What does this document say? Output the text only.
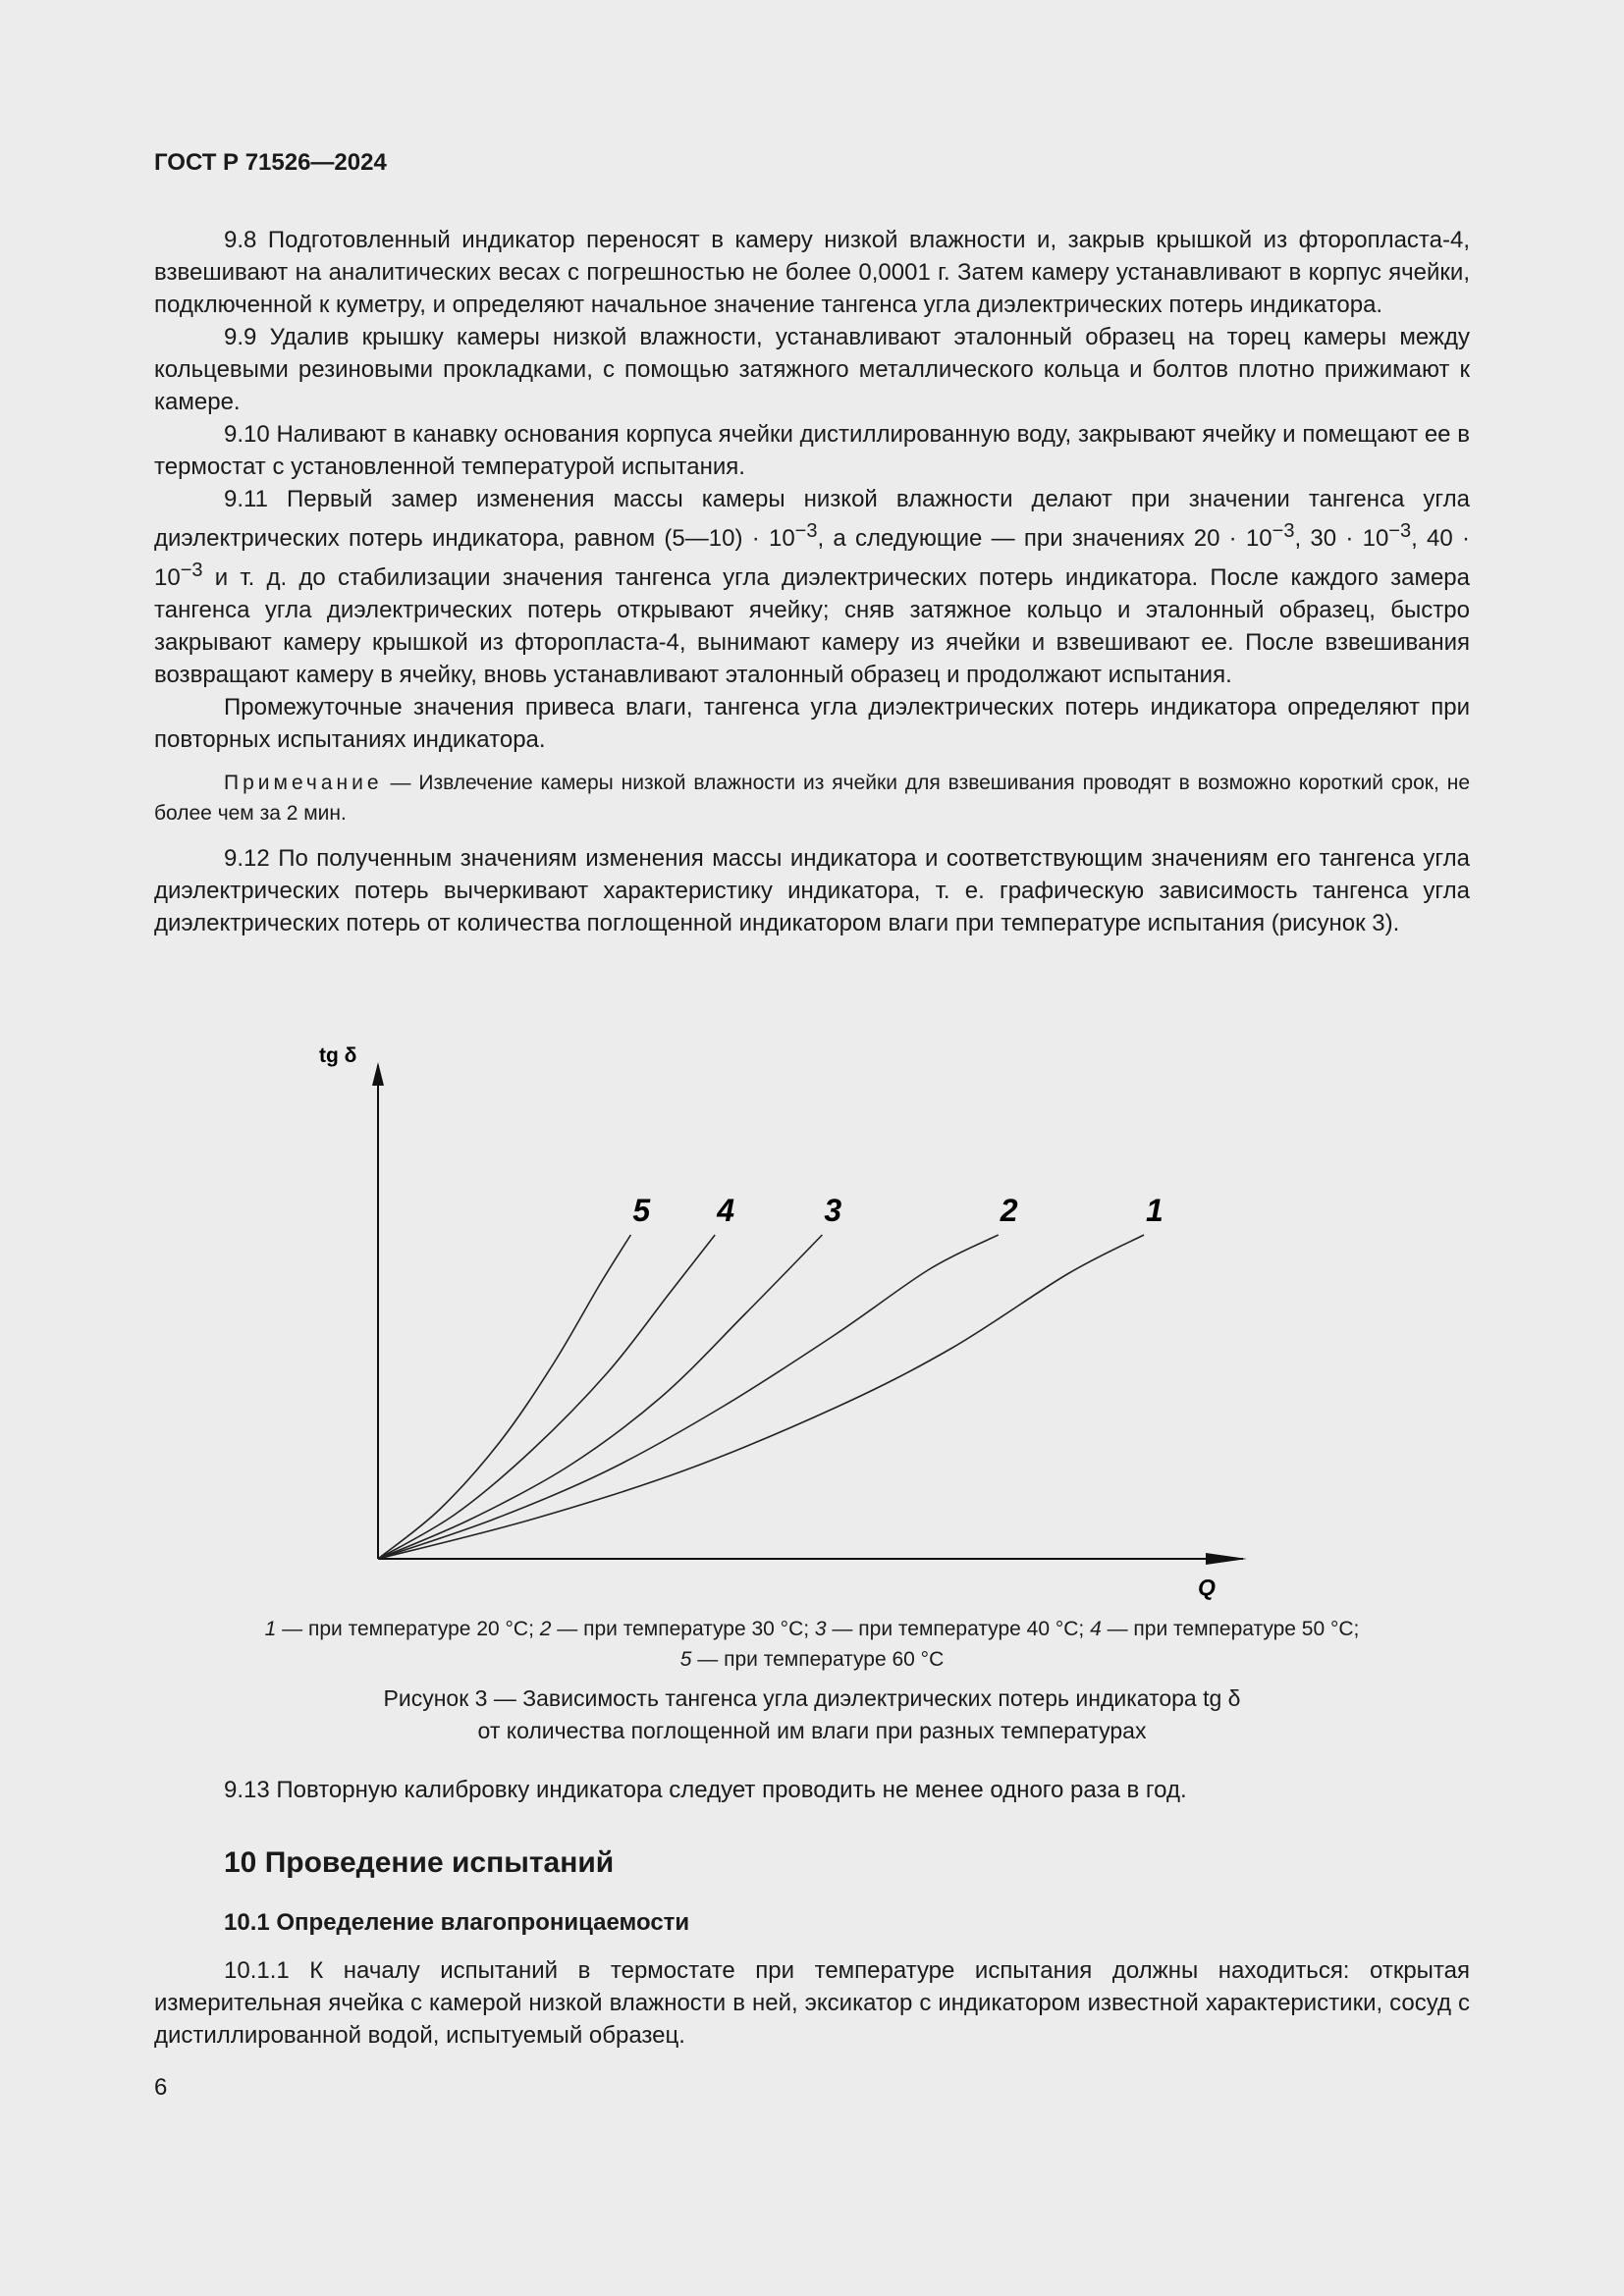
ГОСТ Р 71526—2024

9.8 Подготовленный индикатор переносят в камеру низкой влажности и, закрыв крышкой из фторопласта-4, взвешивают на аналитических весах с погрешностью не более 0,0001 г. Затем камеру устанавливают в корпус ячейки, подключенной к куметру, и определяют начальное значение тангенса угла диэлектрических потерь индикатора.

9.9 Удалив крышку камеры низкой влажности, устанавливают эталонный образец на торец камеры между кольцевыми резиновыми прокладками, с помощью затяжного металлического кольца и болтов плотно прижимают к камере.

9.10 Наливают в канавку основания корпуса ячейки дистиллированную воду, закрывают ячейку и помещают ее в термостат с установленной температурой испытания.

9.11 Первый замер изменения массы камеры низкой влажности делают при значении тангенса угла диэлектрических потерь индикатора, равном (5—10) · $10^{-3}$, а следующие — при значениях $20 \cdot 10^{-3}$, $30 \cdot 10^{-3}$, $40 \cdot 10^{-3}$ и т. д. до стабилизации значения тангенса угла диэлектрических потерь индикатора. После каждого замера тангенса угла диэлектрических потерь открывают ячейку; сняв затяжное кольцо и эталонный образец, быстро закрывают камеру крышкой из фторопласта-4, вынимают камеру из ячейки и взвешивают ее. После взвешивания возвращают камеру в ячейку, вновь устанавливают эталонный образец и продолжают испытания.

Промежуточные значения привеса влаги, тангенса угла диэлектрических потерь индикатора определяют при повторных испытаниях индикатора.

Примечание — Извлечение камеры низкой влажности из ячейки для взвешивания проводят в возможно короткий срок, не более чем за 2 мин.

9.12 По полученным значениям изменения массы индикатора и соответствующим значениям его тангенса угла диэлектрических потерь вычеркивают характеристику индикатора, т. е. графическую зависимость тангенса угла диэлектрических потерь от количества поглощенной индикатором влаги при температуре испытания (рисунок 3).

tg δ
Q
1
2
3
4
5
1 — при температуре 20 °C; 2 — при температуре 30 °C; 3 — при температуре 40 °C; 4 — при температуре 50 °C;
5 — при температуре 60 °C
Рисунок 3 — Зависимость тангенса угла диэлектрических потерь индикатора tg δ
от количества поглощенной им влаги при разных температурах

9.13 Повторную калибровку индикатора следует проводить не менее одного раза в год.

10 Проведение испытаний
10.1 Определение влагопроницаемости

10.1.1 К началу испытаний в термостате при температуре испытания должны находиться: открытая измерительная ячейка с камерой низкой влажности в ней, эксикатор с индикатором известной характеристики, сосуд с дистиллированной водой, испытуемый образец.

6
